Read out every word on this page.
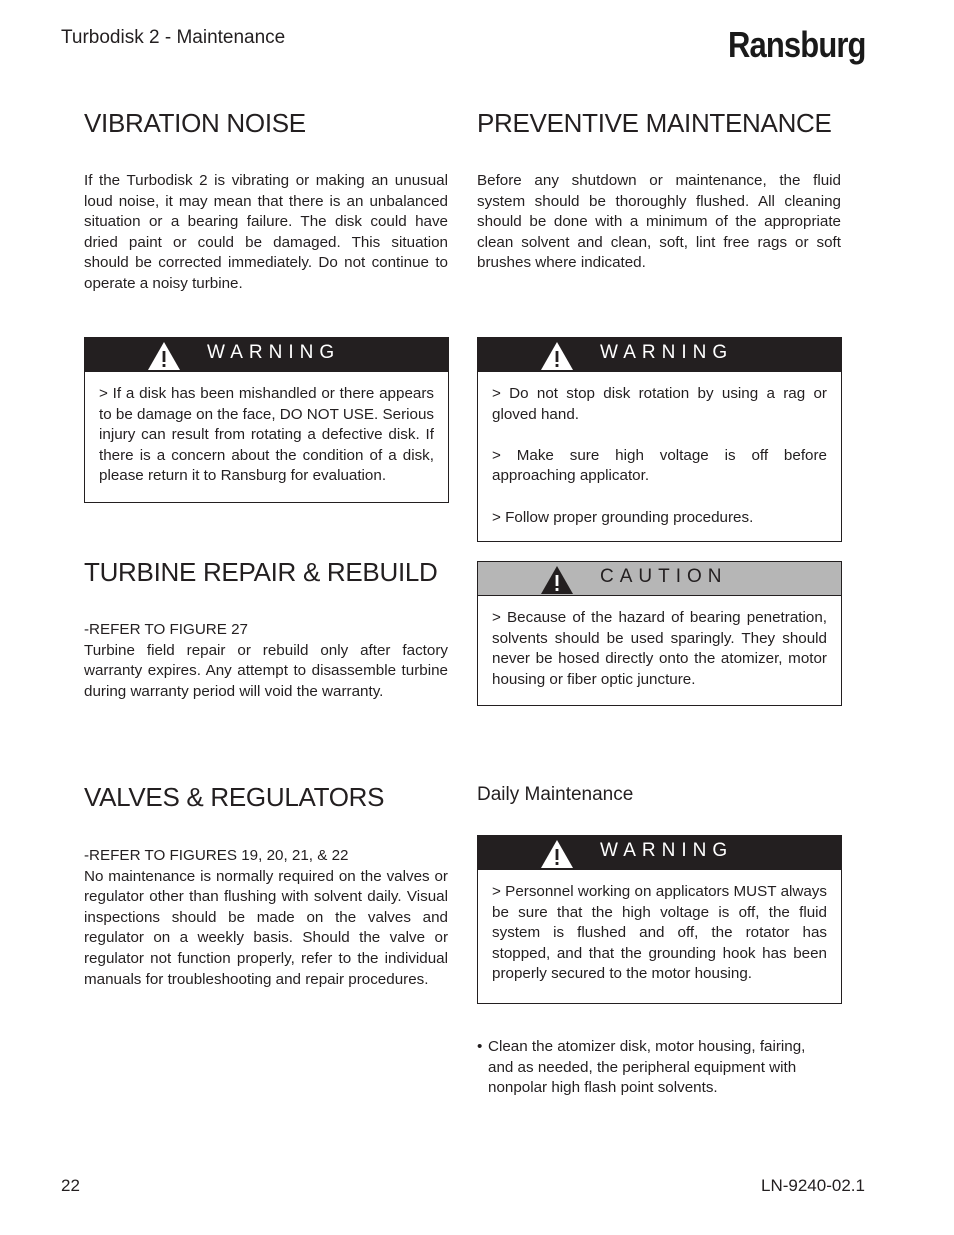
Turbodisk 2 - Maintenance	Ransburg
VIBRATION NOISE
If the Turbodisk 2 is vibrating or making an unusual loud noise, it may mean that there is an unbalanced situation or a bearing failure. The disk could have dried paint or could be damaged. This situation should be corrected immediately. Do not continue to operate a noisy turbine.
WARNING

> If a disk has been mishandled or there appears to be damage on the face, DO NOT USE. Serious injury can result from rotating a defective disk. If there is a concern about the condition of a disk, please return it to Ransburg for evaluation.

TURBINE REPAIR & REBUILD
-REFER TO FIGURE 27
Turbine field repair or rebuild only after factory warranty expires. Any attempt to disassemble turbine during warranty period will void the warranty.
VALVES & REGULATORS
-REFER TO FIGURES 19, 20, 21, & 22
No maintenance is normally required on the valves or regulator other than flushing with solvent daily. Visual inspections should be made on the valves and regulator on a weekly basis. Should the valve or regulator not function properly, refer to the individual manuals for troubleshooting and repair procedures.
PREVENTIVE MAINTENANCE
Before any shutdown or maintenance, the fluid system should be thoroughly flushed. All cleaning should be done with a minimum of the appropriate clean solvent and clean, soft, lint free rags or soft brushes where indicated.
WARNING

> Do not stop disk rotation by using a rag or gloved hand.

> Make sure high voltage is off before approaching applicator.

> Follow proper grounding procedures.

CAUTION

> Because of the hazard of bearing penetration, solvents should be used sparingly. They should never be hosed directly onto the atomizer, motor housing or fiber optic juncture.

Daily Maintenance
WARNING

> Personnel working on applicators MUST always be sure that the high voltage is off, the fluid system is flushed and off, the rotator has stopped, and that the grounding hook has been properly secured to the motor housing.

• Clean the atomizer disk, motor housing, fairing, and as needed, the peripheral equipment with nonpolar high flash point solvents.
22	LN-9240-02.1
